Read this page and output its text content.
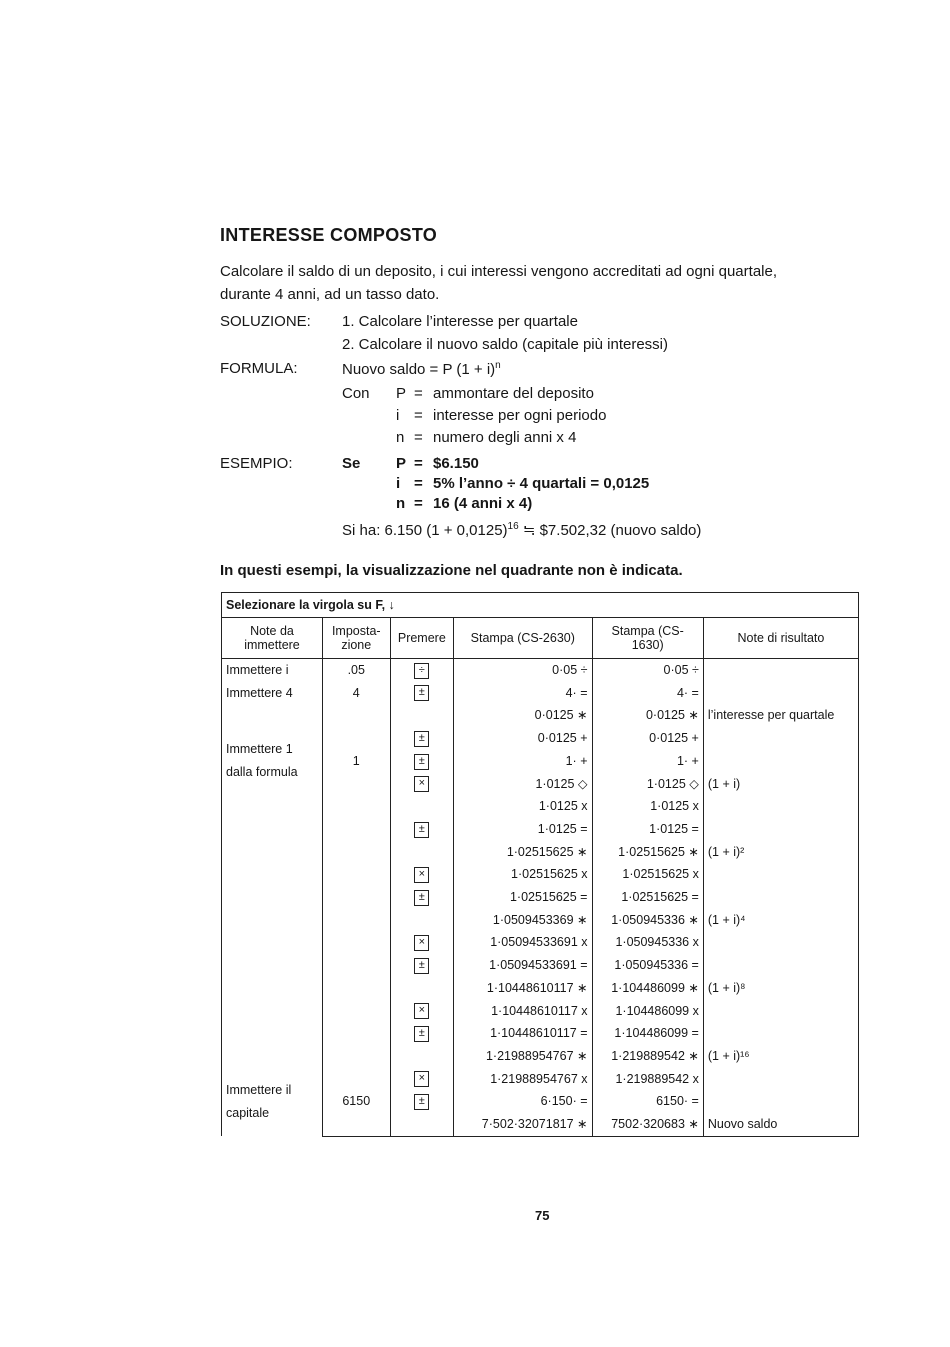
INTERESSE COMPOSTO
Calcolare il saldo di un deposito, i cui interessi vengono accreditati ad ogni quartale,
durante 4 anni, ad un tasso dato.
SOLUZIONE: 1. Calcolare l’interesse per quartale
2. Calcolare il nuovo saldo (capitale più interessi)
FORMULA:	Nuovo saldo = P $(1 + i)^n$
Con P = ammontare del deposito
i = interesse per ogni periodo
n = numero degli anni x 4
ESEMPIO:	Se P = $6.150
i = 5% l’anno ÷ 4 quartali = 0,0125
n = 16 (4 anni x 4)
Si ha: 6.150 $(1 + 0,0125)^{16}$ ≒ $7.502,32 (nuovo saldo)
In questi esempi, la visualizzazione nel quadrante non è indicata.
Selezionare la virgola su F, ↓					
Note da immettere	Imposta-zione	Premere	Stampa (CS-2630)	Stampa (CS-1630)	Note di risultato
Immettere i	.05	÷	0·05 ÷	0·05 ÷	
Immettere 4	4	±	4· =	4· =	
			0·0125 ∗	0·0125 ∗	l’interesse per quartale
Immettere 1 dalla formula		±	0·0125 +	0·0125 +	
	1	±	1· +	1· +	
		×	1·0125 ◇	1·0125 ◇	(1 + i)
			1·0125 x	1·0125 x	
		±	1·0125 =	1·0125 =	
			1·02515625 ∗	1·02515625 ∗	(1 + i)²
		×	1·02515625 x	1·02515625 x	
		±	1·02515625 =	1·02515625 =	
			1·0509453369 ∗	1·050945336 ∗	(1 + i)⁴
		×	1·05094533691 x	1·050945336 x	
		±	1·05094533691 =	1·050945336 =	
			1·10448610117 ∗	1·104486099 ∗	(1 + i)⁸
		×	1·10448610117 x	1·104486099 x	
		±	1·10448610117 =	1·104486099 =	
			1·21988954767 ∗	1·219889542 ∗	(1 + i)¹⁶
Immettere il capitale		×	1·21988954767 x	1·219889542 x	
	6150	±	6·150· =	6150· =	
			7·502·32071817 ∗	7502·320683 ∗	Nuovo saldo
75
